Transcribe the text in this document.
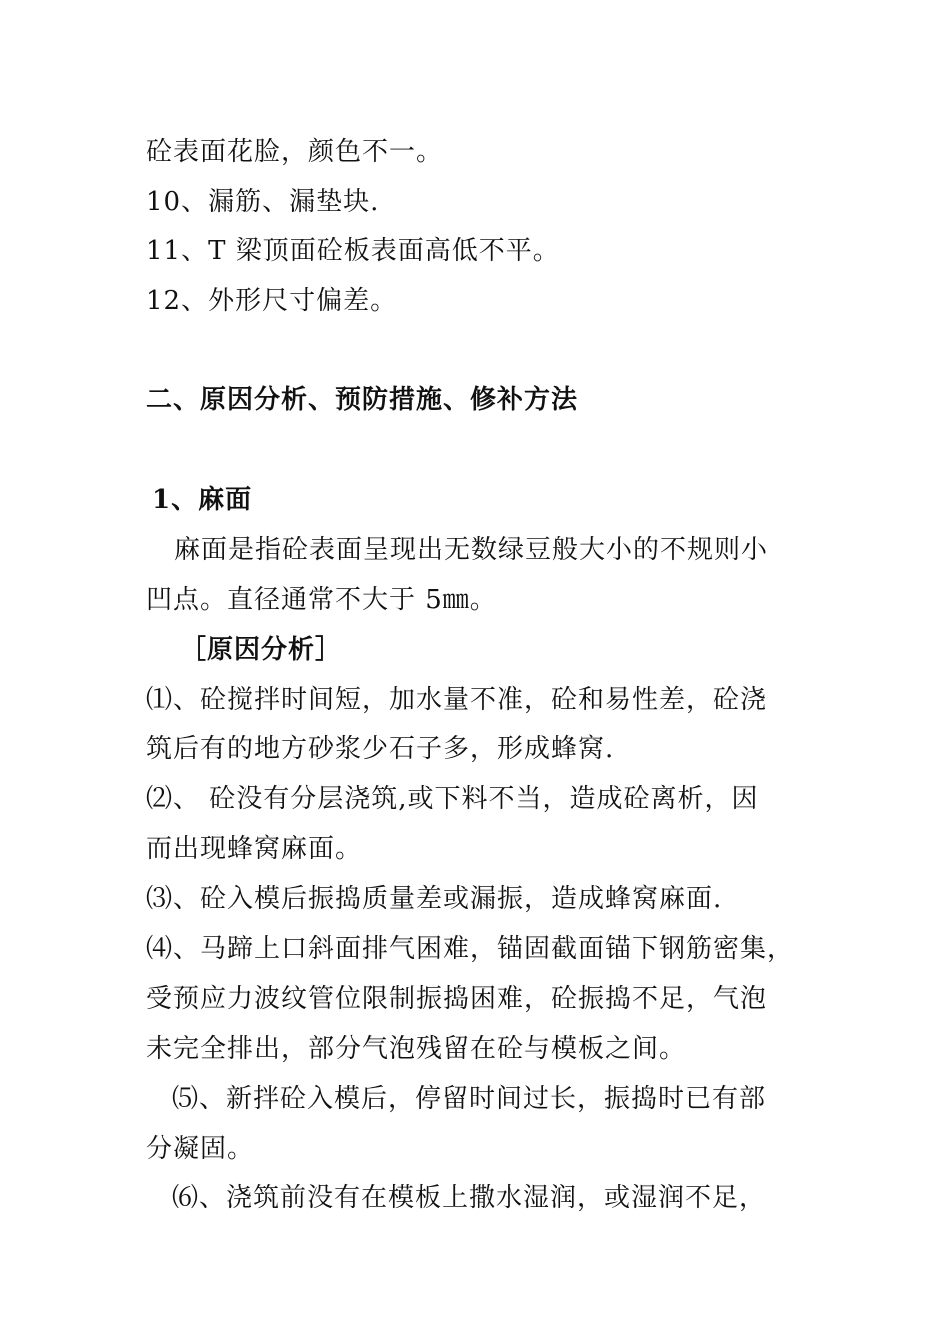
砼表面花脸，颜色不一。
10、漏筋、漏垫块.
11、T 梁顶面砼板表面高低不平。
12、外形尺寸偏差。
二、原因分析、预防措施、修补方法
1、麻面
麻面是指砼表面呈现出无数绿豆般大小的不规则小
凹点。直径通常不大于 5㎜。
［原因分析］
⑴、砼搅拌时间短，加水量不准，砼和易性差，砼浇
筑后有的地方砂浆少石子多，形成蜂窝.
⑵、 砼没有分层浇筑,或下料不当，造成砼离析，因
而出现蜂窝麻面。
⑶、砼入模后振捣质量差或漏振，造成蜂窝麻面.
⑷、马蹄上口斜面排气困难，锚固截面锚下钢筋密集，
受预应力波纹管位限制振捣困难，砼振捣不足，气泡
未完全排出，部分气泡残留在砼与模板之间。
⑸、新拌砼入模后，停留时间过长，振捣时已有部
分凝固。
⑹、浇筑前没有在模板上撒水湿润，或湿润不足，
